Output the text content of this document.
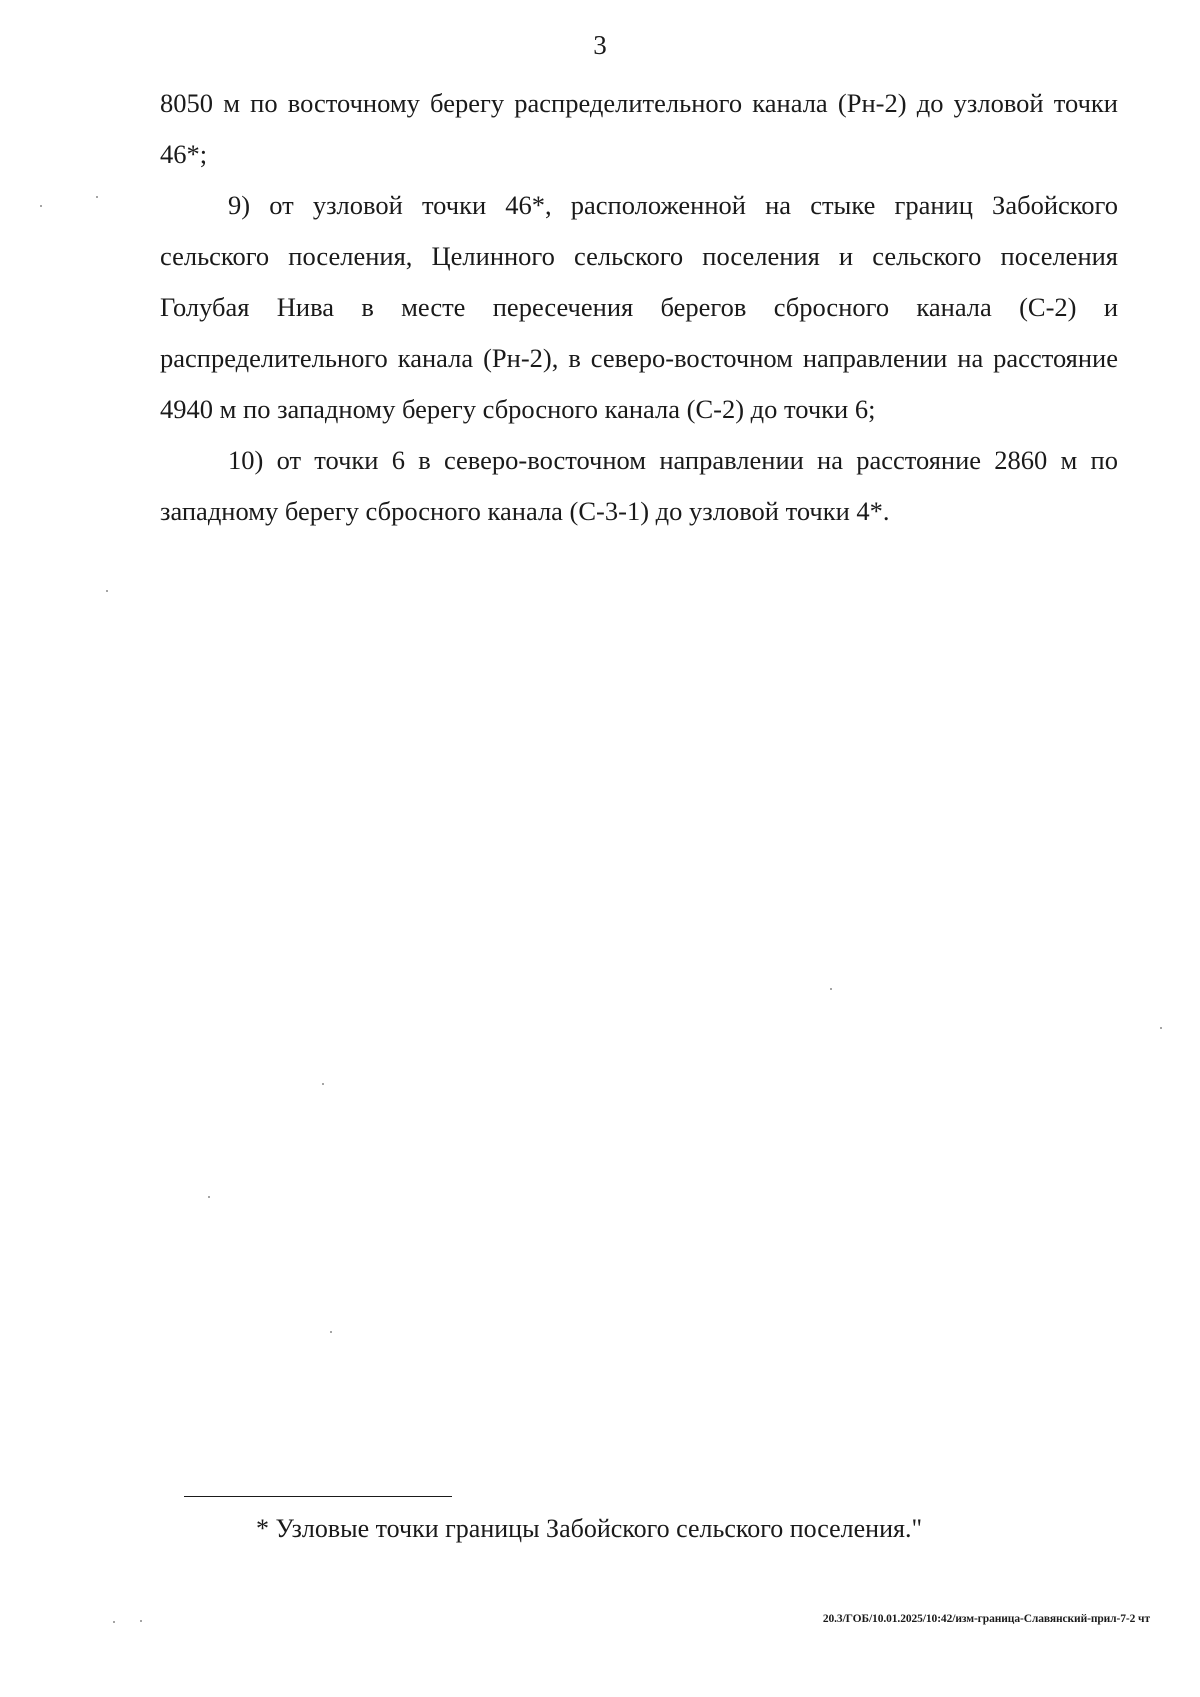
3

8050 м по восточному берегу распределительного канала (Рн-2) до узловой точки 46*;

9) от узловой точки 46*, расположенной на стыке границ Забойского сельского поселения, Целинного сельского поселения и сельского поселения Голубая Нива в месте пересечения берегов сбросного канала (С-2) и распределительного канала (Рн-2), в северо-восточном направлении на расстояние 4940 м по западному берегу сбросного канала (С-2) до точки 6;

10) от точки 6 в северо-восточном направлении на расстояние 2860 м по западному берегу сбросного канала (С-3-1) до узловой точки 4*.

* Узловые точки границы Забойского сельского поселения."
20.3/ГОБ/10.01.2025/10:42/изм-граница-Славянский-прил-7-2 чт
